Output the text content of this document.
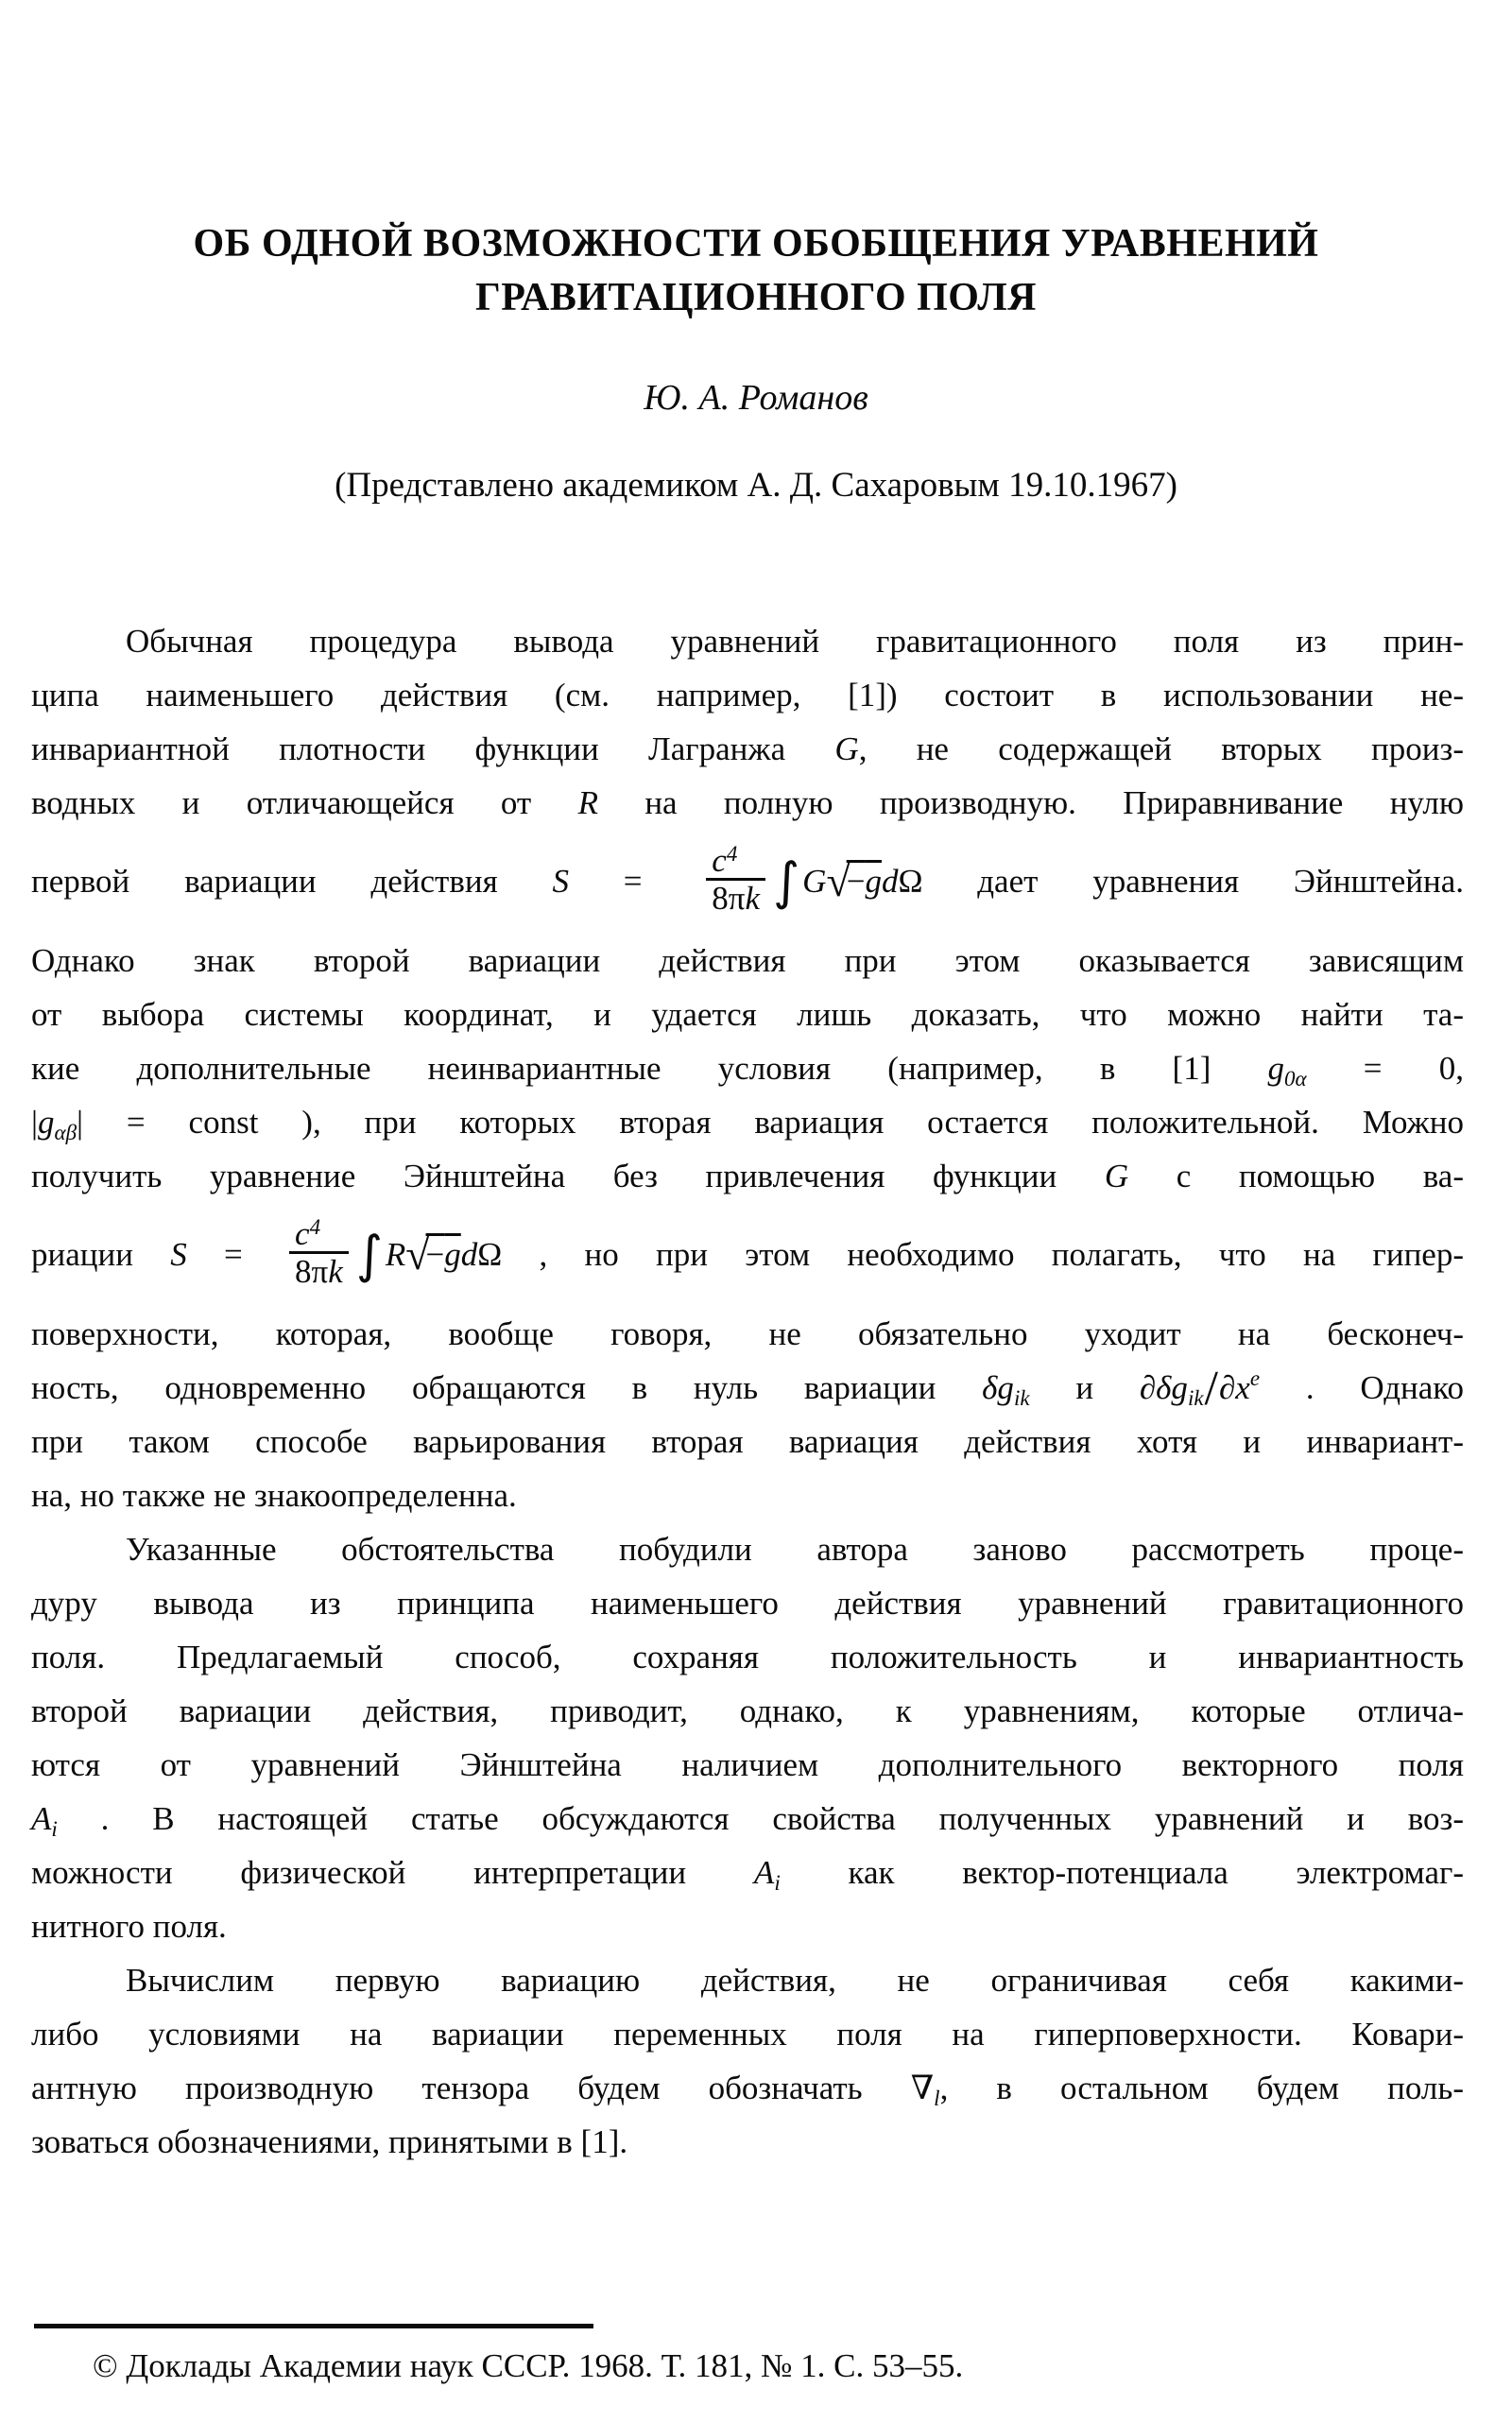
ОБ ОДНОЙ ВОЗМОЖНОСТИ ОБОБЩЕНИЯ УРАВНЕНИЙ
ГРАВИТАЦИОННОГО ПОЛЯ
Ю. А. Романов
(Представлено академиком А. Д. Сахаровым 19.10.1967)
Обычная процедура вывода уравнений гравитационного поля из прин-
ципа наименьшего действия (см. например, [1]) состоит в использовании не-
инвариантной плотности функции Лагранжа G, не содержащей вторых произ-
водных и отличающейся от R на полную производную. Приравнивание нулю
первой вариации действия $S = \frac{c^4}{8\pi k} \int G√-gd\Omega$ дает уравнения Эйнштейна.
Однако знак второй вариации действия при этом оказывается зависящим
от выбора системы координат, и удается лишь доказать, что можно найти та-
кие дополнительные неинвариантные условия (например, в [1] $g_{0\alpha} = 0$,
$|g_{\alpha\beta}|$ = const ), при которых вторая вариация остается положительной. Можно
получить уравнение Эйнштейна без привлечения функции G с помощью ва-
риации $S = \frac{c^4}{8\pi k} \int R√-gd\Omega$ , но при этом необходимо полагать, что на гипер-
поверхности, которая, вообще говоря, не обязательно уходит на бесконеч-
ность, одновременно обращаются в нуль вариации $\delta g_{ik}$ и $\partial\delta g_{ik}/\partial x^e$ . Однако
при таком способе варьирования вторая вариация действия хотя и инвариант-
на, но также не знакоопределенна.
Указанные обстоятельства побудили автора заново рассмотреть проце-
дуру вывода из принципа наименьшего действия уравнений гравитационного
поля. Предлагаемый способ, сохраняя положительность и инвариантность
второй вариации действия, приводит, однако, к уравнениям, которые отлича-
ются от уравнений Эйнштейна наличием дополнительного векторного поля
$A_i$ . В настоящей статье обсуждаются свойства полученных уравнений и воз-
можности физической интерпретации $A_i$ как вектор-потенциала электромаг-
нитного поля.
Вычислим первую вариацию действия, не ограничивая себя какими-
либо условиями на вариации переменных поля на гиперповерхности. Ковари-
антную производную тензора будем обозначать $\nabla_l$, в остальном будем поль-
зоваться обозначениями, принятыми в [1].
© Доклады Академии наук СССР. 1968. Т. 181, № 1. С. 53–55.
